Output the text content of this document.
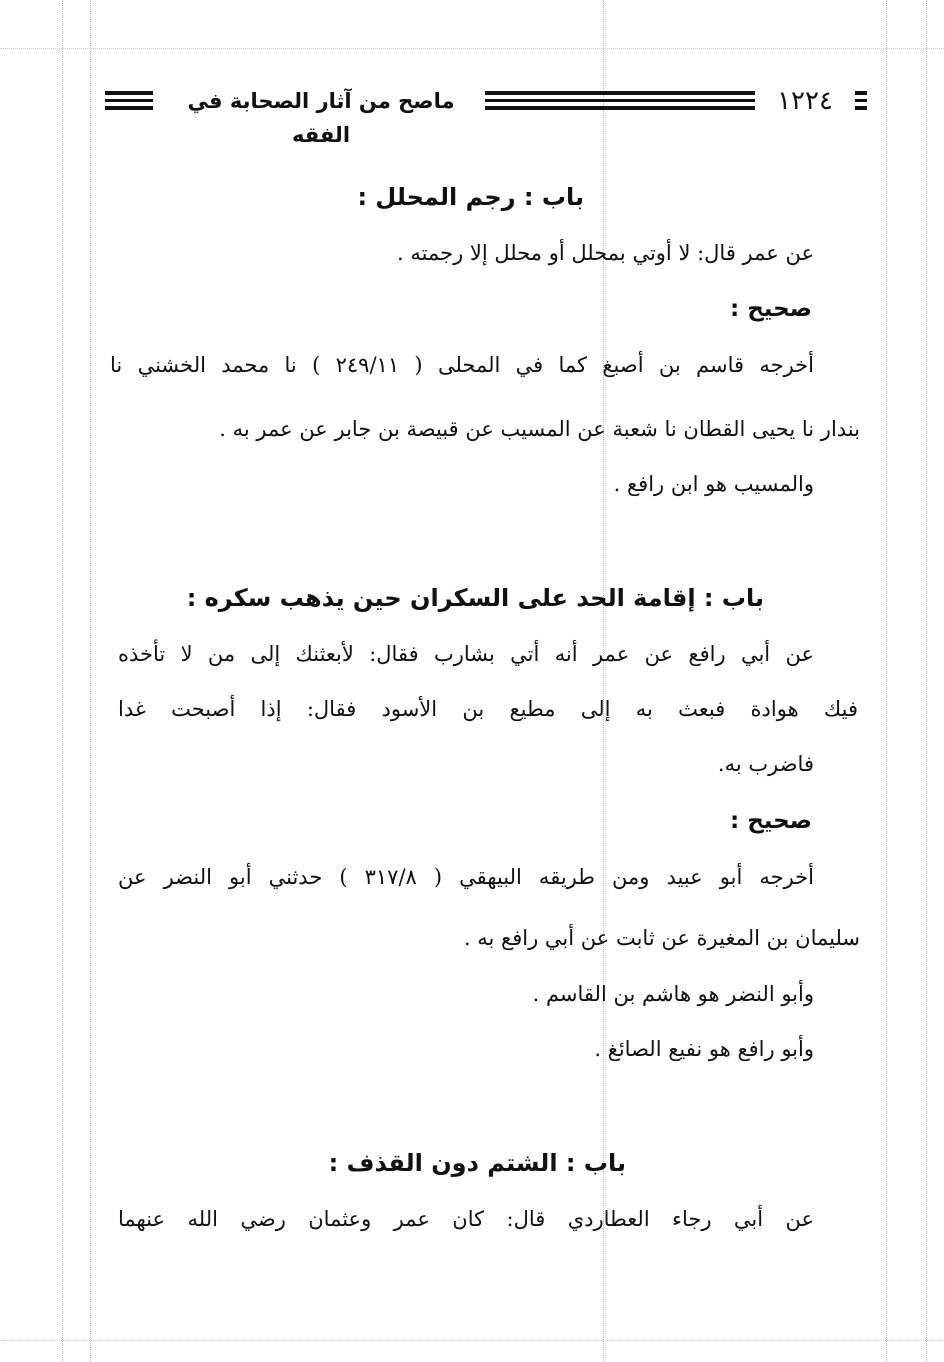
ماصح من آثار الصحابة في الفقه
١٢٢٤
باب : رجم المحلل :
عن عمر قال: لا أوتي بمحلل أو محلل إلا رجمته .
صحيح :
أخرجه قاسم بن أصبغ كما في المحلى ( ٢٤٩/١١ ) نا محمد الخشني نا
بندار نا يحيى القطان نا شعبة عن المسيب عن قبيصة بن جابر عن عمر به .
والمسيب هو ابن رافع .
باب : إقامة الحد على السكران حين يذهب سكره :
عن أبي رافع عن عمر أنه أتي بشارب فقال: لأبعثنك إلى من لا تأخذه
فيك هوادة فبعث به إلى مطيع بن الأسود فقال: إذا أصبحت غدا
فاضرب به.
صحيح :
أخرجه أبو عبيد ومن طريقه البيهقي ( ٣١٧/٨ ) حدثني أبو النضر عن
سليمان بن المغيرة عن ثابت عن أبي رافع به .
وأبو النضر هو هاشم بن القاسم .
وأبو رافع هو نفيع الصائغ .
باب : الشتم دون القذف :
عن أبي رجاء العطاردي قال: كان عمر وعثمان رضي الله عنهما
